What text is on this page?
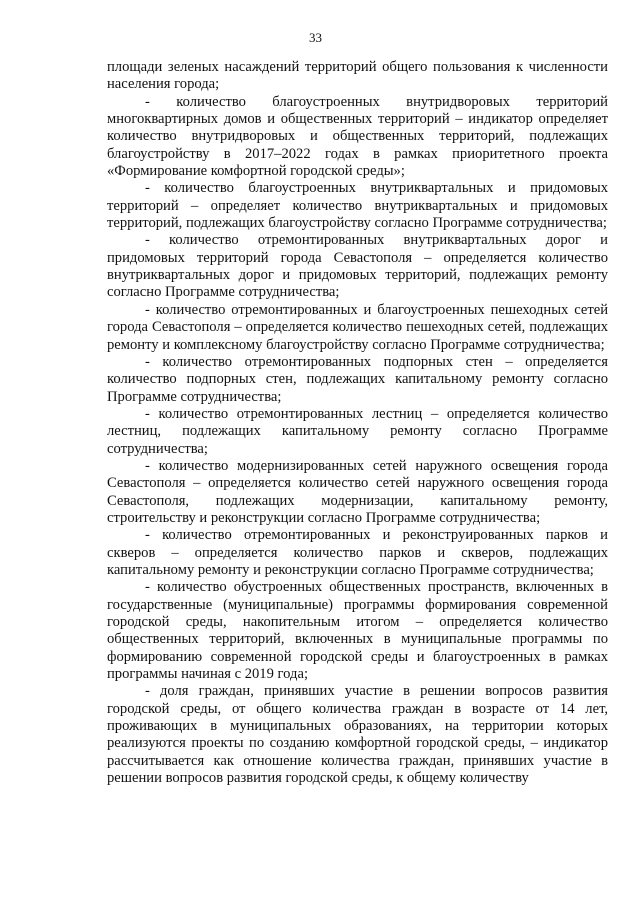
33

площади зеленых насаждений территорий общего пользования к численности населения города;

- количество благоустроенных внутридворовых территорий многоквартирных домов и общественных территорий – индикатор определяет количество внутридворовых и общественных территорий, подлежащих благоустройству в 2017–2022 годах в рамках приоритетного проекта «Формирование комфортной городской среды»;

- количество благоустроенных внутриквартальных и придомовых территорий – определяет количество внутриквартальных и придомовых территорий, подлежащих благоустройству согласно Программе сотрудничества;

- количество отремонтированных внутриквартальных дорог и придомовых территорий города Севастополя – определяется количество внутриквартальных дорог и придомовых территорий, подлежащих ремонту согласно Программе сотрудничества;

- количество отремонтированных и благоустроенных пешеходных сетей города Севастополя – определяется количество пешеходных сетей, подлежащих ремонту и комплексному благоустройству согласно Программе сотрудничества;

- количество отремонтированных подпорных стен – определяется количество подпорных стен, подлежащих капитальному ремонту согласно Программе сотрудничества;

- количество отремонтированных лестниц – определяется количество лестниц, подлежащих капитальному ремонту согласно Программе сотрудничества;

- количество модернизированных сетей наружного освещения города Севастополя – определяется количество сетей наружного освещения города Севастополя, подлежащих модернизации, капитальному ремонту, строительству и реконструкции согласно Программе сотрудничества;

- количество отремонтированных и реконструированных парков и скверов – определяется количество парков и скверов, подлежащих капитальному ремонту и реконструкции согласно Программе сотрудничества;

- количество обустроенных общественных пространств, включенных в государственные (муниципальные) программы формирования современной городской среды, накопительным итогом – определяется количество общественных территорий, включенных в муниципальные программы по формированию современной городской среды и благоустроенных в рамках программы начиная с 2019 года;

- доля граждан, принявших участие в решении вопросов развития городской среды, от общего количества граждан в возрасте от 14 лет, проживающих в муниципальных образованиях, на территории которых реализуются проекты по созданию комфортной городской среды, – индикатор рассчитывается как отношение количества граждан, принявших участие в решении вопросов развития городской среды, к общему количеству
